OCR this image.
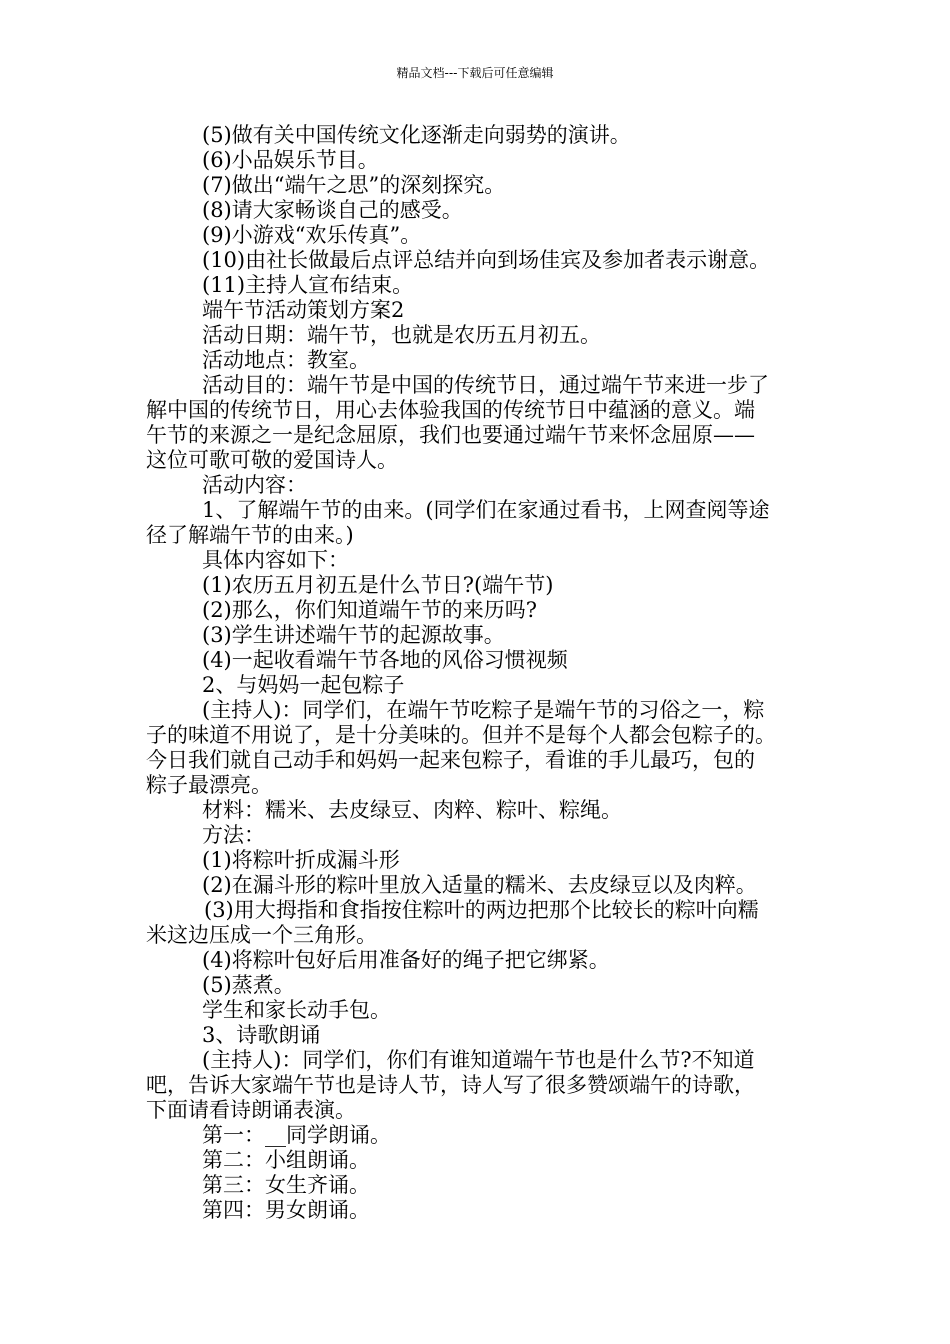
精品文档---下载后可任意编辑
(5)做有关中国传统文化逐渐走向弱势的演讲。
(6)小品娱乐节目。
(7)做出“端午之思”的深刻探究。
(8)请大家畅谈自己的感受。
(9)小游戏“欢乐传真”。
(10)由社长做最后点评总结并向到场佳宾及参加者表示谢意。
(11)主持人宣布结束。
端午节活动策划方案2
活动日期：端午节，也就是农历五月初五。
活动地点：教室。
活动目的：端午节是中国的传统节日，通过端午节来进一步了
解中国的传统节日，用心去体验我国的传统节日中蕴涵的意义。端
午节的来源之一是纪念屈原，我们也要通过端午节来怀念屈原——
这位可歌可敬的爱国诗人。
活动内容：
1、了解端午节的由来。(同学们在家通过看书，上网查阅等途
径了解端午节的由来。)
具体内容如下：
(1)农历五月初五是什么节日?(端午节)
(2)那么，你们知道端午节的来历吗?
(3)学生讲述端午节的起源故事。
(4)一起收看端午节各地的风俗习惯视频
2、与妈妈一起包粽子
(主持人)：同学们，在端午节吃粽子是端午节的习俗之一，粽
子的味道不用说了，是十分美味的。但并不是每个人都会包粽子的。
今日我们就自己动手和妈妈一起来包粽子，看谁的手儿最巧，包的
粽子最漂亮。
材料：糯米、去皮绿豆、肉粹、粽叶、粽绳。
方法：
(1)将粽叶折成漏斗形
(2)在漏斗形的粽叶里放入适量的糯米、去皮绿豆以及肉粹。
(3)用大拇指和食指按住粽叶的两边把那个比较长的粽叶向糯
米这边压成一个三角形。
(4)将粽叶包好后用准备好的绳子把它绑紧。
(5)蒸煮。
学生和家长动手包。
3、诗歌朗诵
(主持人)：同学们，你们有谁知道端午节也是什么节?不知道
吧，告诉大家端午节也是诗人节，诗人写了很多赞颂端午的诗歌，
下面请看诗朗诵表演。
第一：__同学朗诵。
第二：小组朗诵。
第三：女生齐诵。
第四：男女朗诵。
